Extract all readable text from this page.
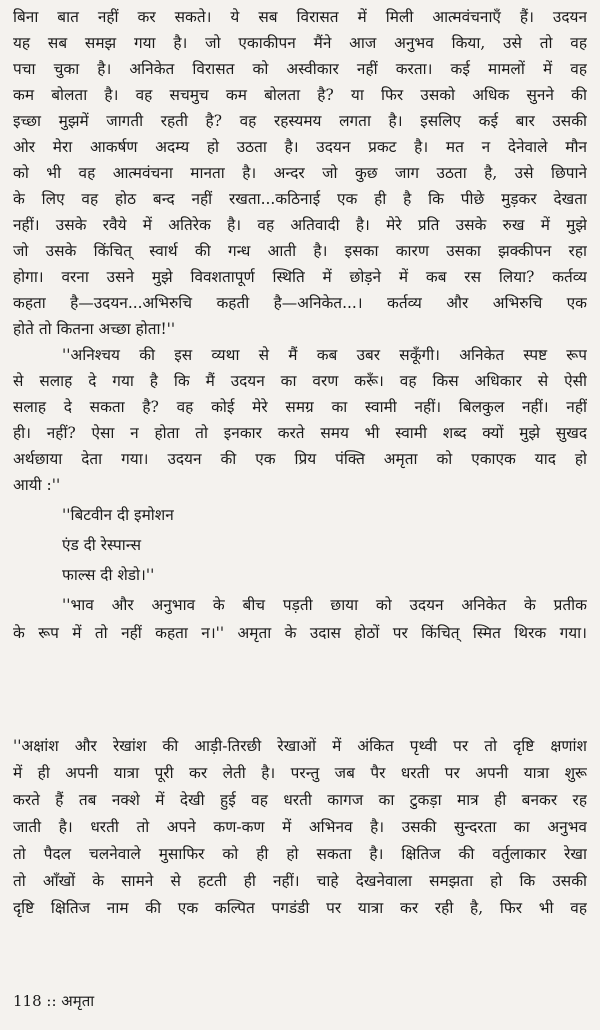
बिना बात नहीं कर सकते। ये सब विरासत में मिली आत्मवंचनाएँ हैं। उदयन
यह सब समझ गया है। जो एकाकीपन मैंने आज अनुभव किया, उसे तो वह
पचा चुका है। अनिकेत विरासत को अस्वीकार नहीं करता। कई मामलों में वह
कम बोलता है। वह सचमुच कम बोलता है? या फिर उसको अधिक सुनने की
इच्छा मुझमें जागती रहती है? वह रहस्यमय लगता है। इसलिए कई बार उसकी
ओर मेरा आकर्षण अदम्य हो उठता है। उदयन प्रकट है। मत न देनेवाले मौन
को भी वह आत्मवंचना मानता है। अन्दर जो कुछ जाग उठता है, उसे छिपाने
के लिए वह होठ बन्द नहीं रखता...कठिनाई एक ही है कि पीछे मुड़कर देखता
नहीं। उसके रवैये में अतिरेक है। वह अतिवादी है। मेरे प्रति उसके रुख में मुझे
जो उसके किंचित् स्वार्थ की गन्ध आती है। इसका कारण उसका झक्कीपन रहा
होगा। वरना उसने मुझे विवशतापूर्ण स्थिति में छोड़ने में कब रस लिया? कर्तव्य
कहता है—उदयन...अभिरुचि कहती है—अनिकेत...। कर्तव्य और अभिरुचि एक
होते तो कितना अच्छा होता!''
''अनिश्चय की इस व्यथा से मैं कब उबर सकूँगी। अनिकेत स्पष्ट रूप
से सलाह दे गया है कि मैं उदयन का वरण करूँ। वह किस अधिकार से ऐसी
सलाह दे सकता है? वह कोई मेरे समग्र का स्वामी नहीं। बिलकुल नहीं। नहीं
ही। नहीं? ऐसा न होता तो इनकार करते समय भी स्वामी शब्द क्यों मुझे सुखद
अर्थछाया देता गया। उदयन की एक प्रिय पंक्ति अमृता को एकाएक याद हो
आयी :''
''बिटवीन दी इमोशन
एंड दी रेस्पान्स
फाल्स दी शेडो।''
''भाव और अनुभाव के बीच पड़ती छाया को उदयन अनिकेत के प्रतीक
के रूप में तो नहीं कहता न।'' अमृता के उदास होठों पर किंचित् स्मित थिरक गया।
''अक्षांश और रेखांश की आड़ी-तिरछी रेखाओं में अंकित पृथ्वी पर तो दृष्टि क्षणांश
में ही अपनी यात्रा पूरी कर लेती है। परन्तु जब पैर धरती पर अपनी यात्रा शुरू
करते हैं तब नक्शे में देखी हुई वह धरती कागज का टुकड़ा मात्र ही बनकर रह
जाती है। धरती तो अपने कण-कण में अभिनव है। उसकी सुन्दरता का अनुभव
तो पैदल चलनेवाले मुसाफिर को ही हो सकता है। क्षितिज की वर्तुलाकार रेखा
तो आँखों के सामने से हटती ही नहीं। चाहे देखनेवाला समझता हो कि उसकी
दृष्टि क्षितिज नाम की एक कल्पित पगडंडी पर यात्रा कर रही है, फिर भी वह
118 :: अमृता
